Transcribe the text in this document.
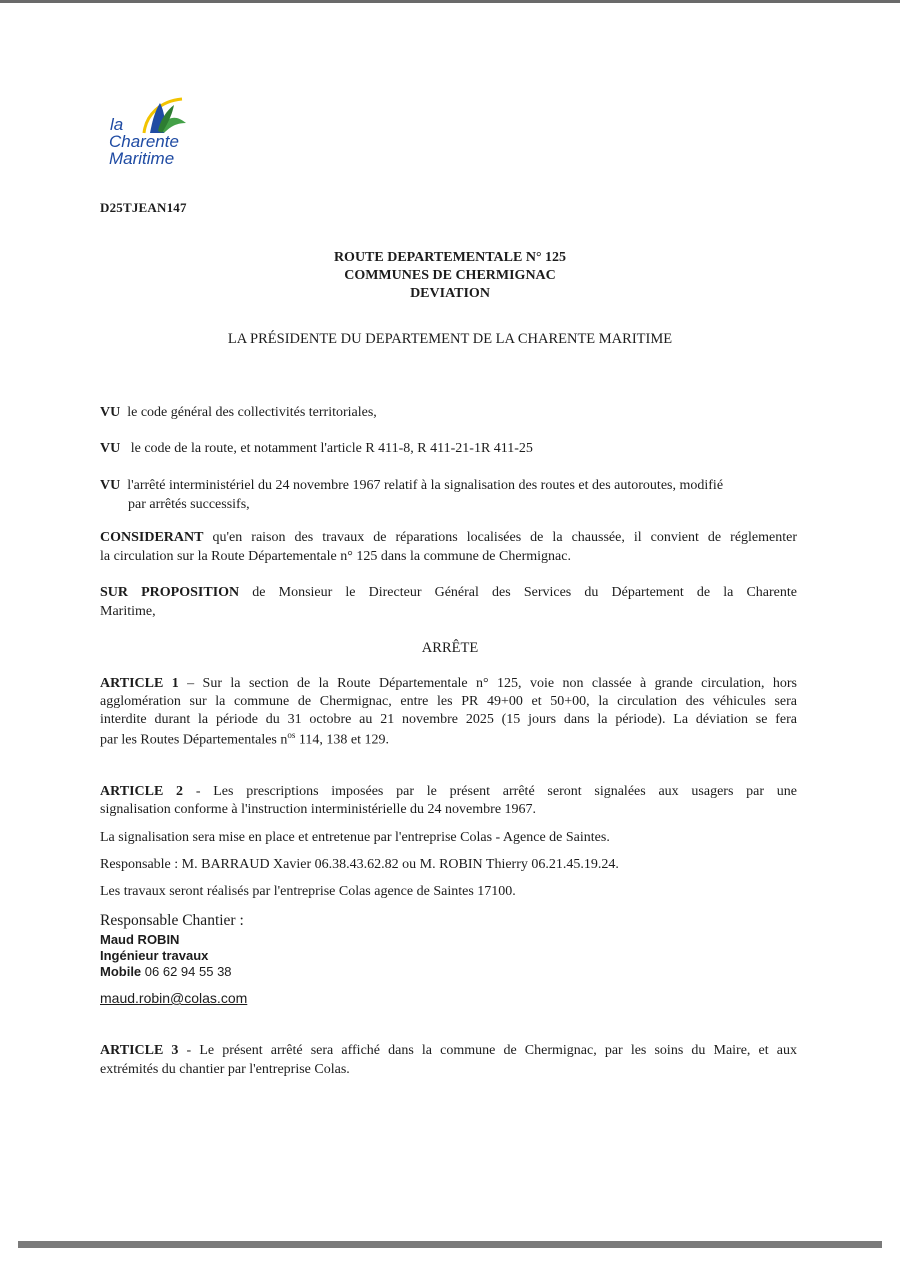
la
Charente
Maritime
D25TJEAN147
ROUTE DEPARTEMENTALE N° 125
COMMUNES DE CHERMIGNAC
DEVIATION
LA PRÉSIDENTE DU DEPARTEMENT DE LA CHARENTE MARITIME
VU le code général des collectivités territoriales,
VU le code de la route, et notamment l'article R 411-8, R 411-21-1R 411-25
VU l'arrêté interministériel du 24 novembre 1967 relatif à la signalisation des routes et des autoroutes, modifié
par arrêtés successifs,
CONSIDERANT qu'en raison des travaux de réparations localisées de la chaussée, il convient de réglementer
la circulation sur la Route Départementale n° 125 dans la commune de Chermignac.
SUR PROPOSITION de Monsieur le Directeur Général des Services du Département de la Charente
Maritime,
ARRÊTE
ARTICLE 1 – Sur la section de la Route Départementale n° 125, voie non classée à grande circulation, hors
agglomération sur la commune de Chermignac, entre les PR 49+00 et 50+00, la circulation des véhicules sera
interdite durant la période du 31 octobre au 21 novembre 2025 (15 jours dans la période). La déviation se fera
par les Routes Départementales $n^{os}$ 114, 138 et 129.
ARTICLE 2 - Les prescriptions imposées par le présent arrêté seront signalées aux usagers par une
signalisation conforme à l'instruction interministérielle du 24 novembre 1967.
La signalisation sera mise en place et entretenue par l'entreprise Colas - Agence de Saintes.
Responsable : M. BARRAUD Xavier 06.38.43.62.82 ou M. ROBIN Thierry 06.21.45.19.24.
Les travaux seront réalisés par l'entreprise Colas agence de Saintes 17100.
Responsable Chantier :
Maud ROBIN
Ingénieur travaux
Mobile 06 62 94 55 38
maud.robin@colas.com
ARTICLE 3 - Le présent arrêté sera affiché dans la commune de Chermignac, par les soins du Maire, et aux
extrémités du chantier par l'entreprise Colas.
